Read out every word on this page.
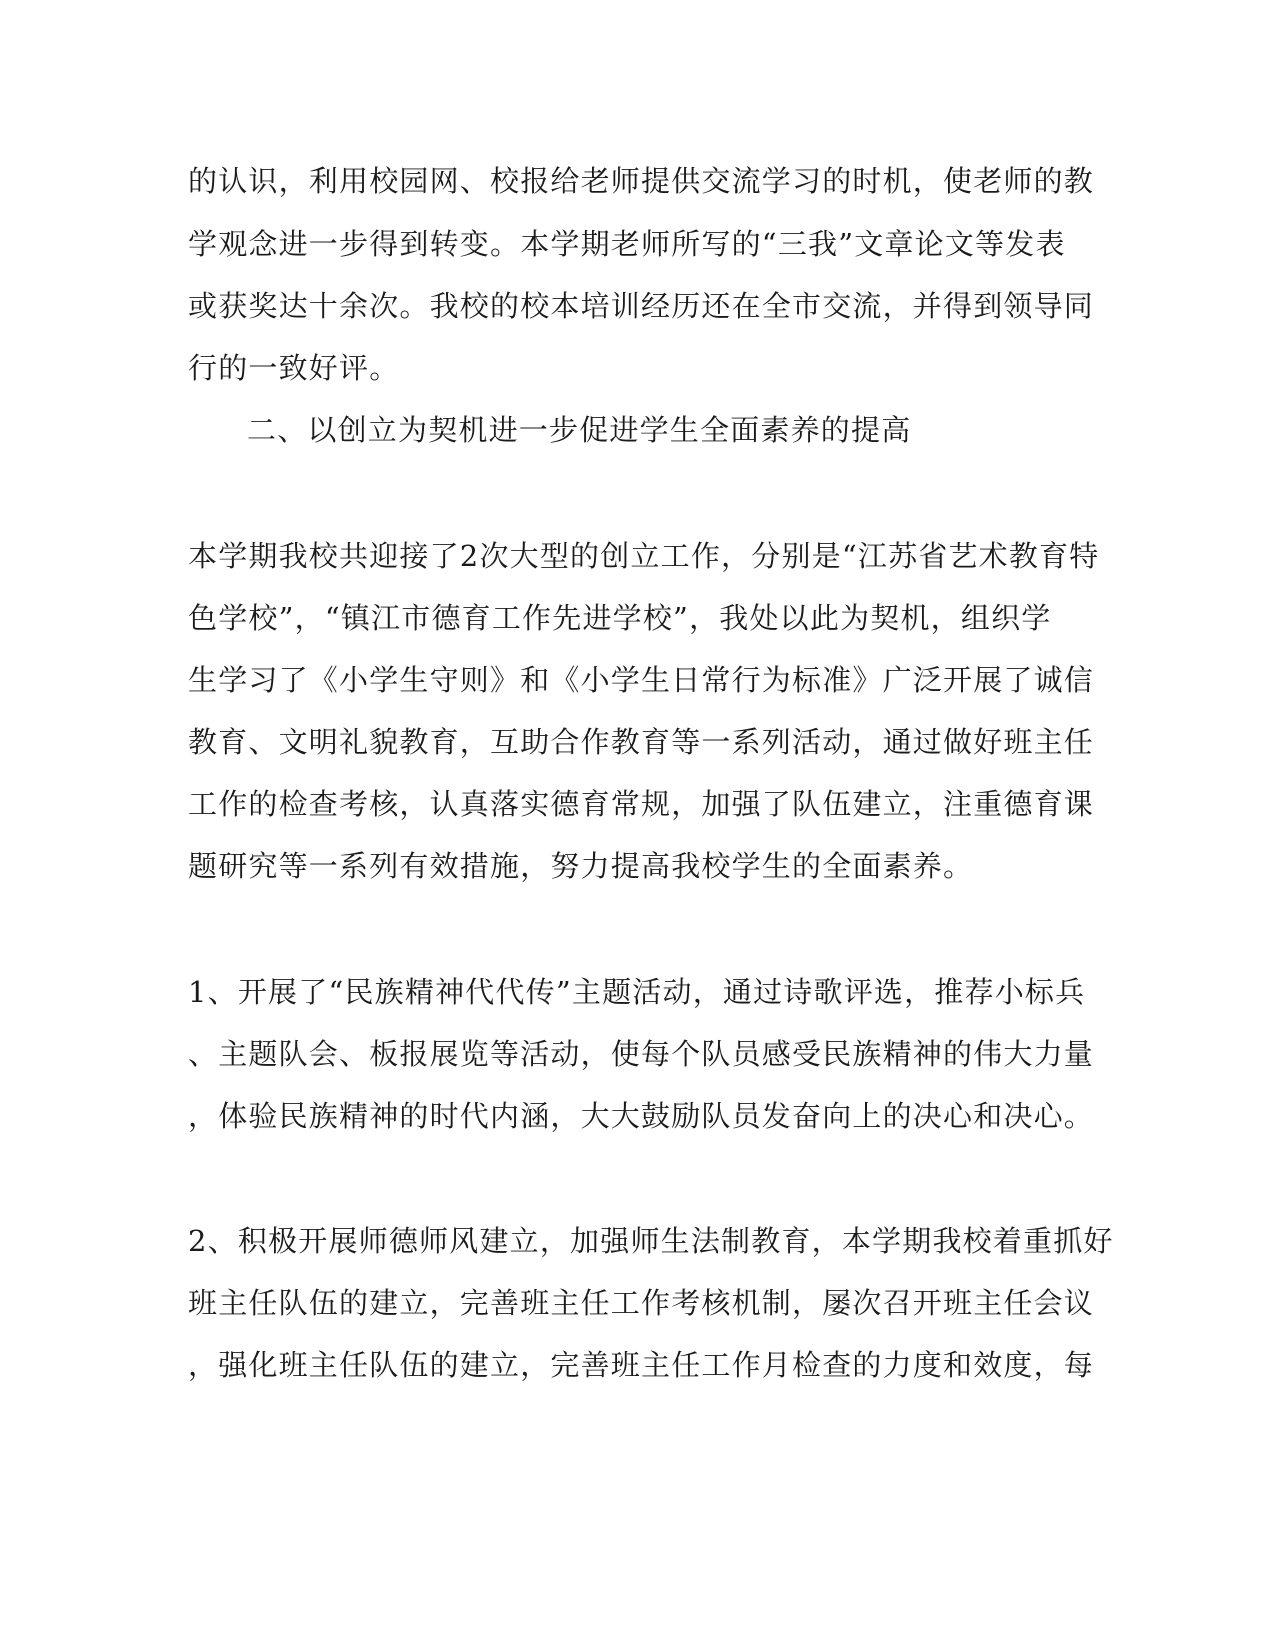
的认识，利用校园网、校报给老师提供交流学习的时机，使老师的教
学观念进一步得到转变。本学期老师所写的“三我”文章论文等发表
或获奖达十余次。我校的校本培训经历还在全市交流，并得到领导同
行的一致好评。
二、以创立为契机进一步促进学生全面素养的提高
本学期我校共迎接了2次大型的创立工作，分别是“江苏省艺术教育特
色学校”，“镇江市德育工作先进学校”，我处以此为契机，组织学
生学习了《小学生守则》和《小学生日常行为标准》广泛开展了诚信
教育、文明礼貌教育，互助合作教育等一系列活动，通过做好班主任
工作的检查考核，认真落实德育常规，加强了队伍建立，注重德育课
题研究等一系列有效措施，努力提高我校学生的全面素养。
1、开展了“民族精神代代传”主题活动，通过诗歌评选，推荐小标兵
、主题队会、板报展览等活动，使每个队员感受民族精神的伟大力量
，体验民族精神的时代内涵，大大鼓励队员发奋向上的决心和决心。
2、积极开展师德师风建立，加强师生法制教育，本学期我校着重抓好
班主任队伍的建立，完善班主任工作考核机制，屡次召开班主任会议
，强化班主任队伍的建立，完善班主任工作月检查的力度和效度，每
